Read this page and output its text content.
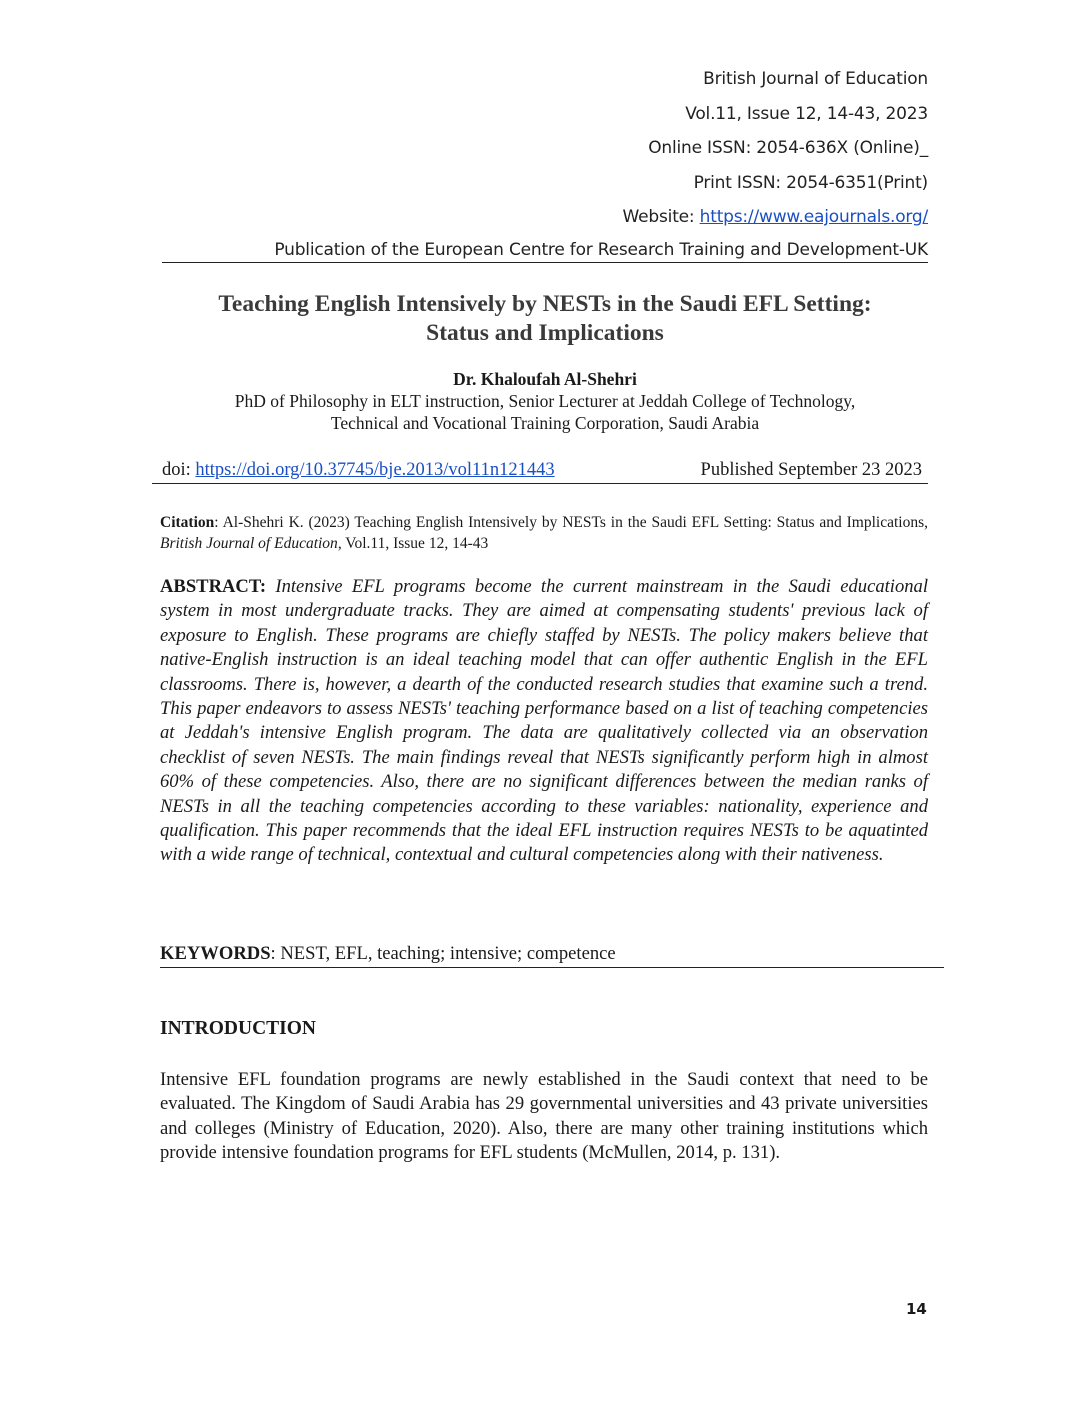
British Journal of Education
Vol.11, Issue 12, 14-43, 2023
Online ISSN: 2054-636X (Online)_
Print ISSN: 2054-6351(Print)
Website: https://www.eajournals.org/
Publication of the European Centre for Research Training and Development-UK
Teaching English Intensively by NESTs in the Saudi EFL Setting:
Status and Implications
Dr. Khaloufah Al-Shehri
PhD of Philosophy in ELT instruction, Senior Lecturer at Jeddah College of Technology,
Technical and Vocational Training Corporation, Saudi Arabia
doi: https://doi.org/10.37745/bje.2013/vol11n121443	Published September 23 2023
Citation: Al-Shehri K. (2023) Teaching English Intensively by NESTs in the Saudi EFL Setting: Status and Implications, British Journal of Education, Vol.11, Issue 12, 14-43
ABSTRACT: Intensive EFL programs become the current mainstream in the Saudi educational system in most undergraduate tracks. They are aimed at compensating students' previous lack of exposure to English. These programs are chiefly staffed by NESTs. The policy makers believe that native-English instruction is an ideal teaching model that can offer authentic English in the EFL classrooms. There is, however, a dearth of the conducted research studies that examine such a trend. This paper endeavors to assess NESTs' teaching performance based on a list of teaching competencies at Jeddah's intensive English program. The data are qualitatively collected via an observation checklist of seven NESTs. The main findings reveal that NESTs significantly perform high in almost 60% of these competencies. Also, there are no significant differences between the median ranks of NESTs in all the teaching competencies according to these variables: nationality, experience and qualification. This paper recommends that the ideal EFL instruction requires NESTs to be aquatinted with a wide range of technical, contextual and cultural competencies along with their nativeness.
KEYWORDS: NEST, EFL, teaching; intensive; competence
INTRODUCTION
Intensive EFL foundation programs are newly established in the Saudi context that need to be evaluated. The Kingdom of Saudi Arabia has 29 governmental universities and 43 private universities and colleges (Ministry of Education, 2020). Also, there are many other training institutions which provide intensive foundation programs for EFL students (McMullen, 2014, p. 131).
14
